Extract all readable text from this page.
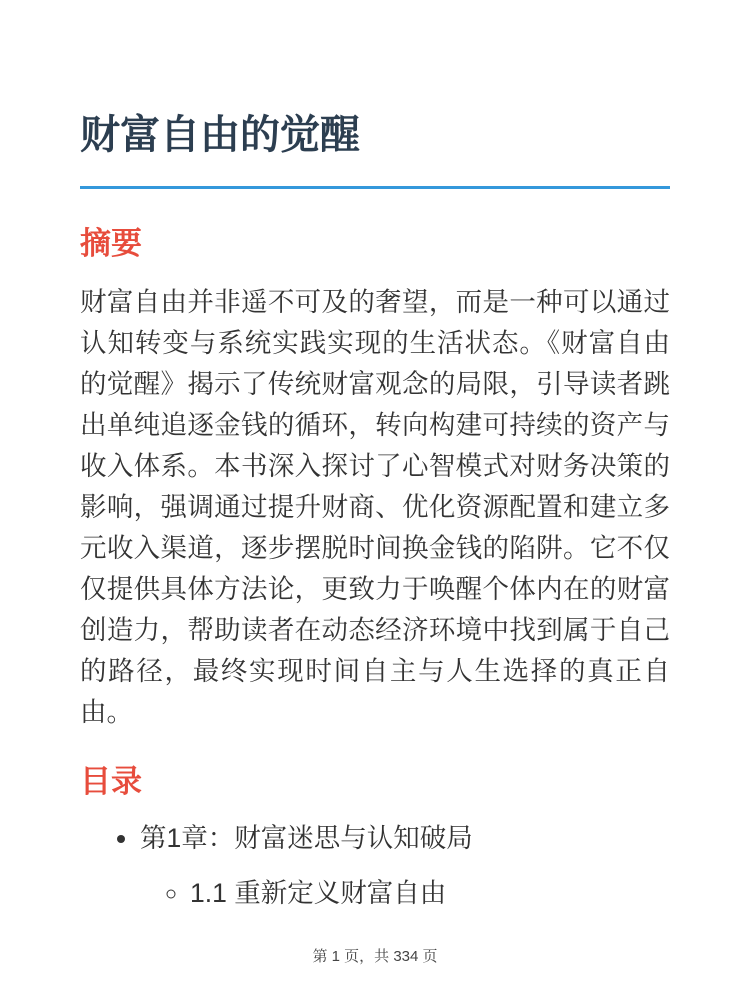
财富自由的觉醒
摘要

财富自由并非遥不可及的奢望，而是一种可以通过认知转变与系统实践实现的生活状态。《财富自由的觉醒》揭示了传统财富观念的局限，引导读者跳出单纯追逐金钱的循环，转向构建可持续的资产与收入体系。本书深入探讨了心智模式对财务决策的影响，强调通过提升财商、优化资源配置和建立多元收入渠道，逐步摆脱时间换金钱的陷阱。它不仅仅提供具体方法论，更致力于唤醒个体内在的财富创造力，帮助读者在动态经济环境中找到属于自己的路径，最终实现时间自主与人生选择的真正自由。

目录
• 第1章：财富迷思与认知破局
◦ 1.1 重新定义财富自由
第 1 页，共 334 页
